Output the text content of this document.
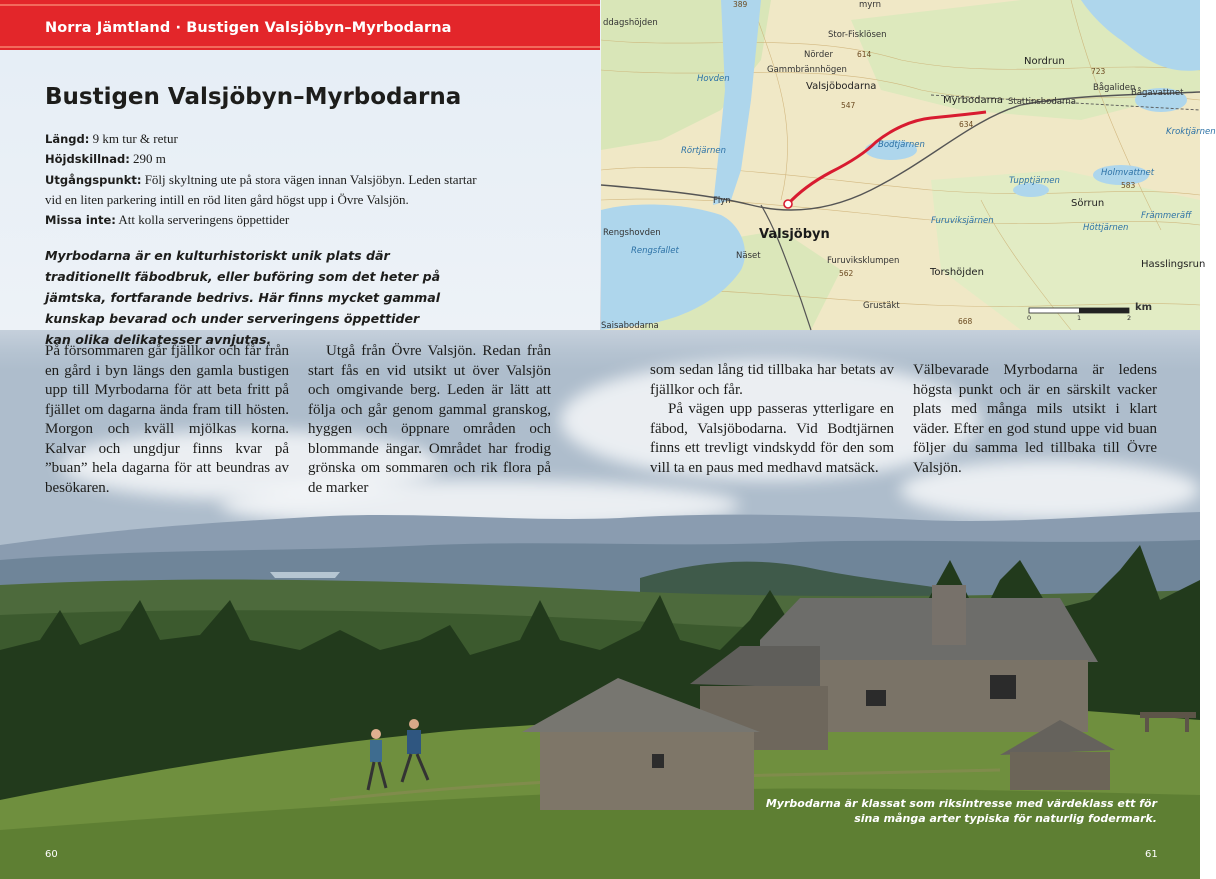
Norra Jämtland · Bustigen Valsjöbyn–Myrbodarna
Bustigen Valsjöbyn–Myrbodarna
Längd: 9 km tur & retur
Höjdskillnad: 290 m
Utgångspunkt: Följ skyltning ute på stora vägen innan Valsjöbyn. Leden startar vid en liten parkering intill en röd liten gård högst upp i Övre Valsjön.
Missa inte: Att kolla serveringens öppettider
Myrbodarna är en kulturhistoriskt unik plats där traditionellt fäbodbruk, eller buföring som det heter på jämtska, fortfarande bedrivs. Här finns mycket gammal kunskap bevarad och under serveringens öppettider kan olika delikatesser avnjutas.

På försommaren går fjällkor och får från en gård i byn längs den gamla bustigen upp till Myrbodarna för att beta fritt på fjället om dagarna ända fram till hösten. Morgon och kväll mjölkas korna. Kalvar och ungdjur finns kvar på ”buan” hela dagarna för att beundras av besökaren.

Utgå från Övre Valsjön. Redan från start fås en vid utsikt ut över Valsjön och omgivande berg. Leden är lätt att följa och går genom gammal granskog, hyggen och öppnare områden och blommande ängar. Området har frodig grönska om sommaren och rik flora på de marker

som sedan lång tid tillbaka har betats av fjällkor och får.

På vägen upp passeras ytterligare en fäbod, Valsjöbodarna. Vid Bodtjärnen finns ett trevligt vindskydd för den som vill ta en paus med medhavd matsäck.

Välbevarade Myrbodarna är ledens högsta punkt och är en särskilt vacker plats med många mils utsikt i klart väder. Efter en god stund uppe vid buan följer du samma led tillbaka till Övre Valsjön.

Valsjöbodarna
Myrbodarna
Valsjöbyn
Stattinsbodarna
Bågavattnet
Bågaliden
Nordrun
Nörder
Gammbrännhögen
Stor-Fisklösen
Flyn
Näset
Rengshovden
Rengsfallet
Furuviksklumpen
Torshöjden
Sörrun
Hasslingsrun
Grustäkt
Bodtjärnen
Tupptjärnen
Holmvattnet
Hovden
Rörtjärnen
Furuviksjärnen
Höttjärnen
Främmeräff
Kroktjärnen
ddagshöjden
Saisabodarna
myrn
389
614
634
547
562
583
723
668
km
0	1	2
Myrbodarna är klassat som riksintresse med värdeklass ett för sina många arter typiska för naturlig fodermark.
60	61
